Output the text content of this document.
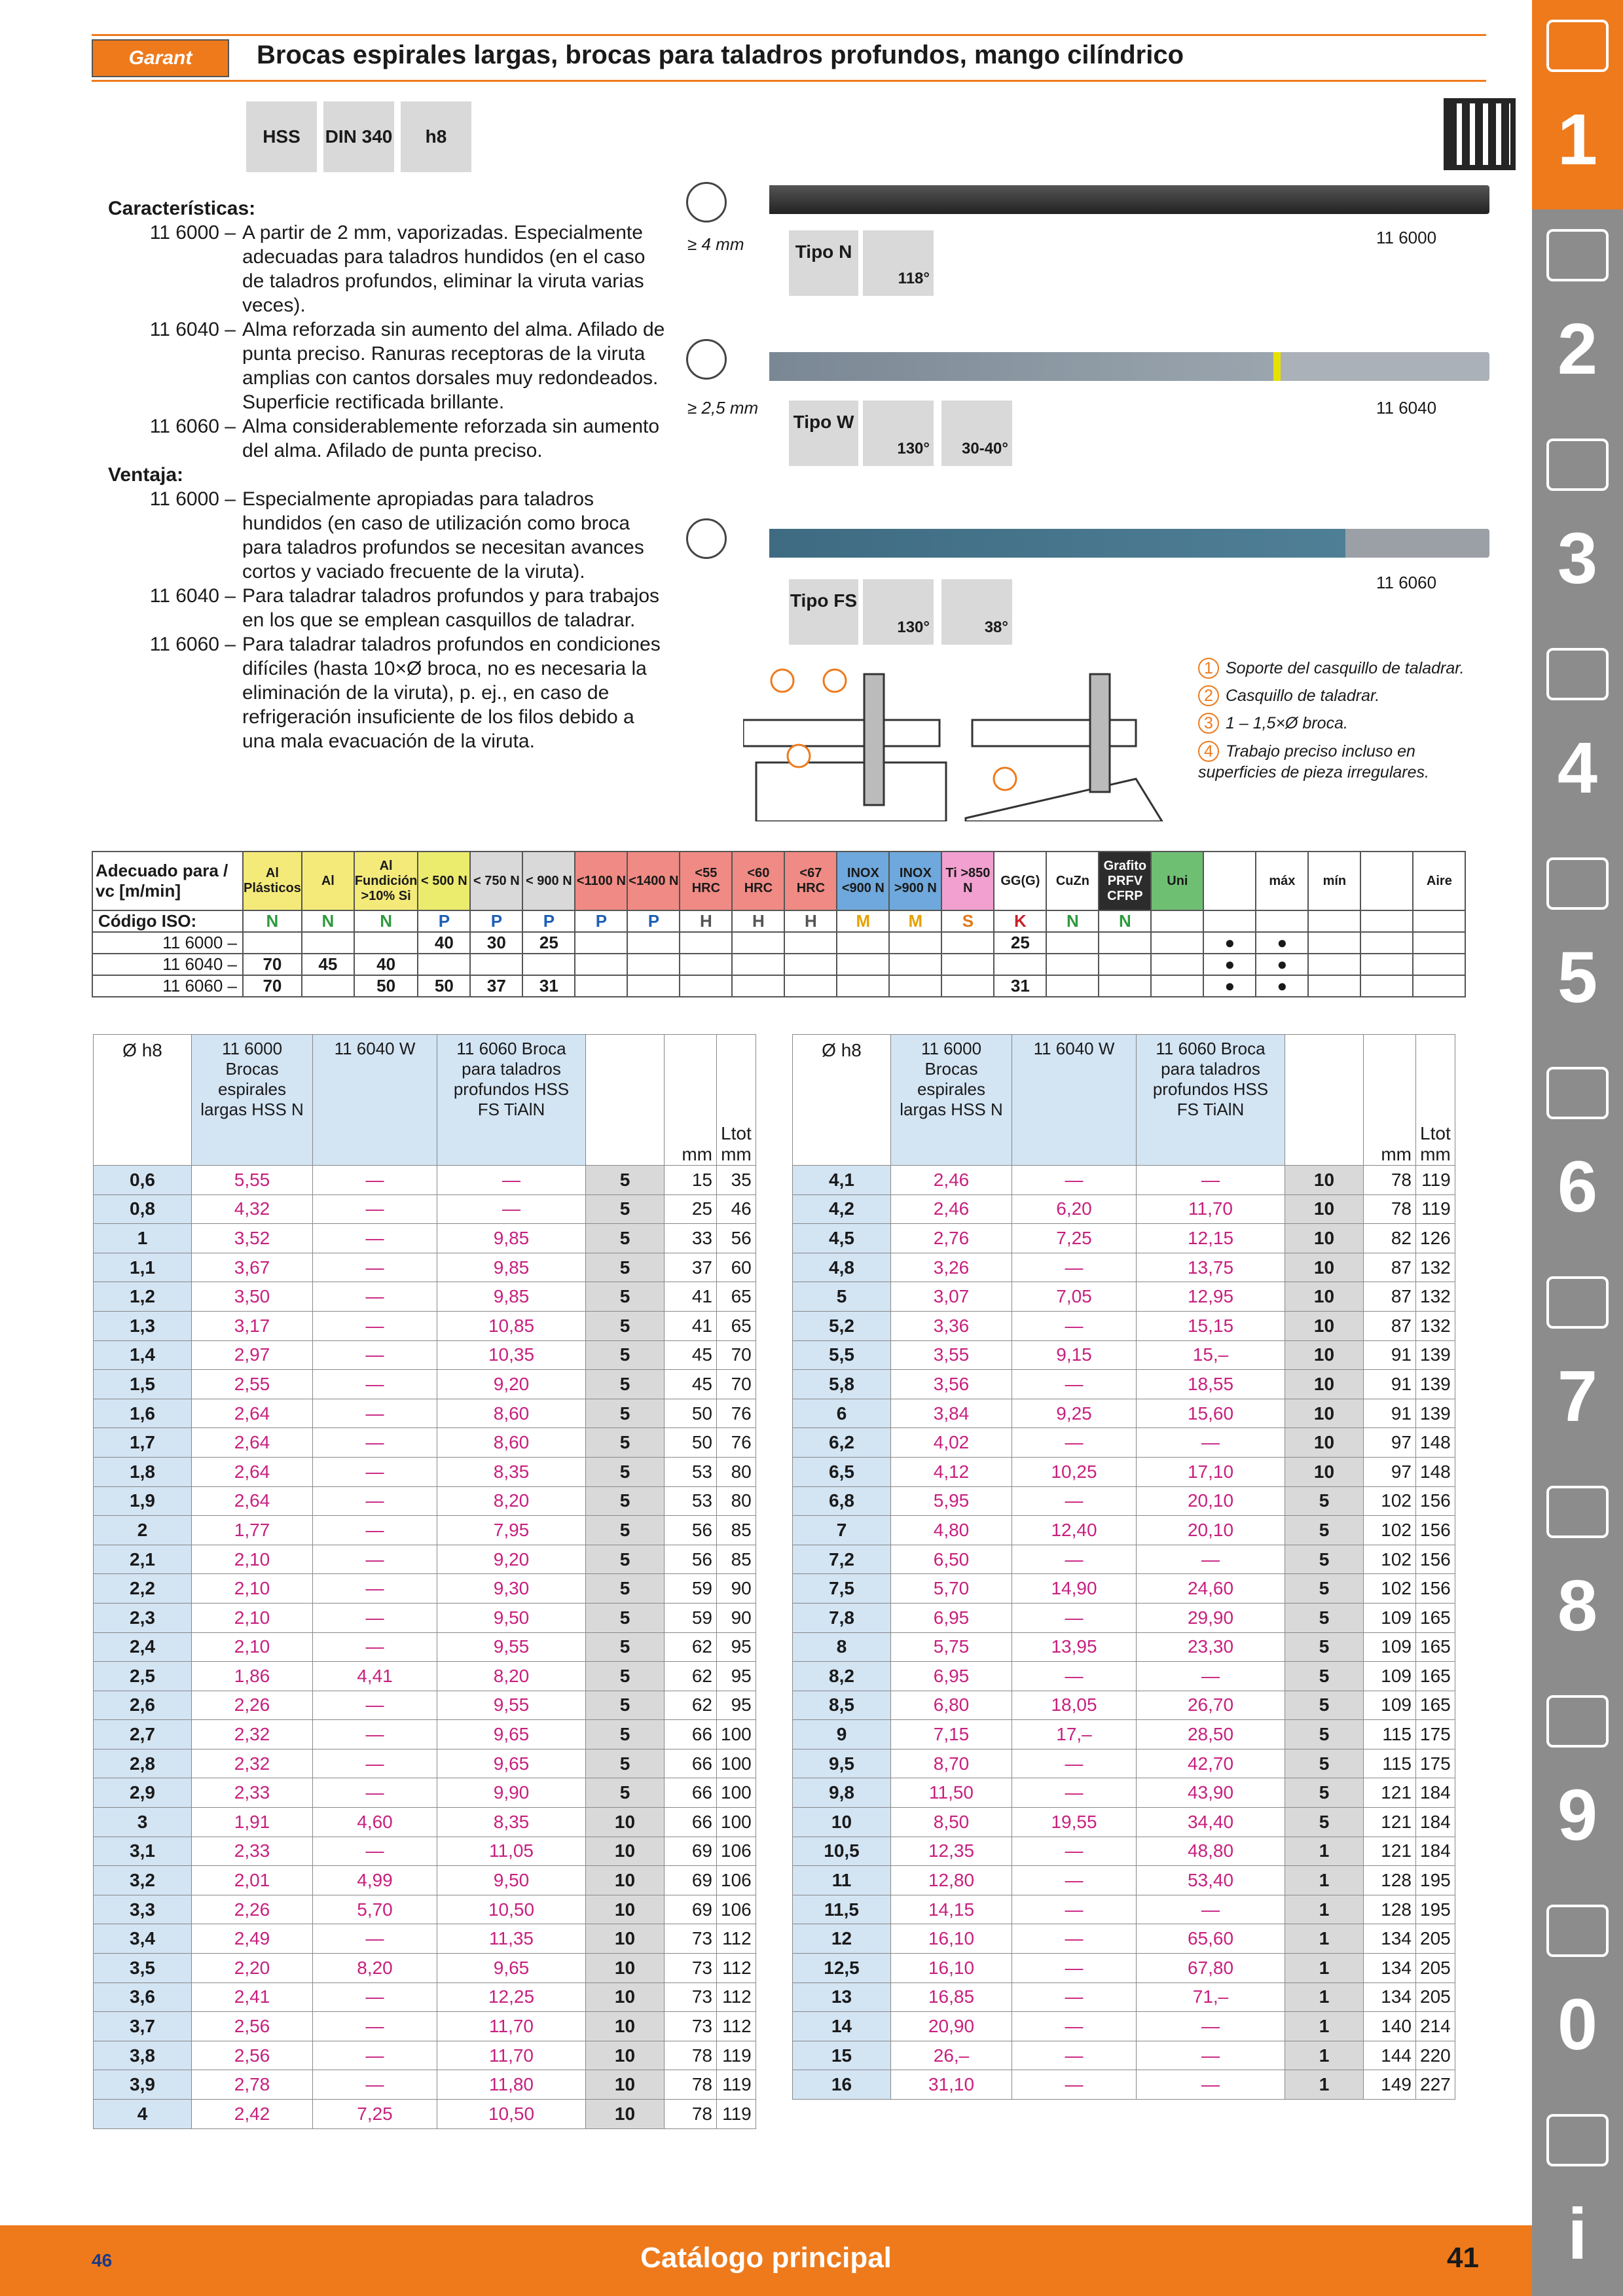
Garant Brocas espirales largas, brocas para taladros profundos, mango cilíndrico
HSS	DIN 340	h8
Características:
11 6000 – A partir de 2 mm, vaporizadas. Especialmente adecuadas para taladros hundidos (en el caso de taladros profundos, eliminar la viruta varias veces).
11 6040 – Alma reforzada sin aumento del alma. Afilado de punta preciso. Ranuras receptoras de la viruta amplias con cantos dorsales muy redondeados. Superficie rectificada brillante.
11 6060 – Alma considerablemente reforzada sin aumento del alma. Afilado de punta preciso.
Ventaja:
11 6000 – Especialmente apropiadas para taladros hundidos (en caso de utilización como broca para taladros profundos se necesitan avances cortos y vaciado frecuente de la viruta).
11 6040 – Para taladrar taladros profundos y para trabajos en los que se emplean casquillos de taladrar.
11 6060 – Para taladrar taladros profundos en condiciones difíciles (hasta 10×Ø broca, no es necesaria la eliminación de la viruta), p. ej., en caso de refrigeración insuficiente de los filos debido a una mala evacuación de la viruta.
≥ 4 mm	Tipo N
118°
11 6000
≥ 2,5 mm
Tipo W
130°	30-40°
11 6040
Tipo FS
130°	38°
11 6060
1 Soporte del casquillo de taladrar.
2 Casquillo de taladrar.
3 1 – 1,5×Ø broca.
4 Trabajo preciso incluso en superficies de pieza irregulares.
Adecuado para / vc [m/min]	Al Plásticos	Al	Al Fundición >10% Si	< 500 N	< 750 N	< 900 N	<1100 N	<1400 N	<55 HRC	<60 HRC	<67 HRC	INOX <900 N	INOX >900 N	Ti >850 N	GG(G)	CuZn	Grafito PRFV CFRP	Uni		máx	mín		Aire
Código ISO:	N	N	N	P	P	P	P	P	H	H	H	M	M	S	K	N	N						
11 6000 –				40	30	25									25				●	●			
11 6040 –	70	45	40																●	●			
11 6060 –	70		50	50	37	31									31				●	●			
Ø h8	11 6000 Brocas espirales largas HSS N	11 6040 W	11 6060 Broca para taladros profundos HSS FS TiAlN		mm	Ltot mm
0,6	5,55	—	—	5	15	35
0,8	4,32	—	—	5	25	46
1	3,52	—	9,85	5	33	56
1,1	3,67	—	9,85	5	37	60
1,2	3,50	—	9,85	5	41	65
1,3	3,17	—	10,85	5	41	65
1,4	2,97	—	10,35	5	45	70
1,5	2,55	—	9,20	5	45	70
1,6	2,64	—	8,60	5	50	76
1,7	2,64	—	8,60	5	50	76
1,8	2,64	—	8,35	5	53	80
1,9	2,64	—	8,20	5	53	80
2	1,77	—	7,95	5	56	85
2,1	2,10	—	9,20	5	56	85
2,2	2,10	—	9,30	5	59	90
2,3	2,10	—	9,50	5	59	90
2,4	2,10	—	9,55	5	62	95
2,5	1,86	4,41	8,20	5	62	95
2,6	2,26	—	9,55	5	62	95
2,7	2,32	—	9,65	5	66	100
2,8	2,32	—	9,65	5	66	100
2,9	2,33	—	9,90	5	66	100
3	1,91	4,60	8,35	10	66	100
3,1	2,33	—	11,05	10	69	106
3,2	2,01	4,99	9,50	10	69	106
3,3	2,26	5,70	10,50	10	69	106
3,4	2,49	—	11,35	10	73	112
3,5	2,20	8,20	9,65	10	73	112
3,6	2,41	—	12,25	10	73	112
3,7	2,56	—	11,70	10	73	112
3,8	2,56	—	11,70	10	78	119
3,9	2,78	—	11,80	10	78	119
4	2,42	7,25	10,50	10	78	119
Ø h8	11 6000 Brocas espirales largas HSS N	11 6040 W	11 6060 Broca para taladros profundos HSS FS TiAlN		mm	Ltot mm
4,1	2,46	—	—	10	78	119
4,2	2,46	6,20	11,70	10	78	119
4,5	2,76	7,25	12,15	10	82	126
4,8	3,26	—	13,75	10	87	132
5	3,07	7,05	12,95	10	87	132
5,2	3,36	—	15,15	10	87	132
5,5	3,55	9,15	15,–	10	91	139
5,8	3,56	—	18,55	10	91	139
6	3,84	9,25	15,60	10	91	139
6,2	4,02	—	—	10	97	148
6,5	4,12	10,25	17,10	10	97	148
6,8	5,95	—	20,10	5	102	156
7	4,80	12,40	20,10	5	102	156
7,2	6,50	—	—	5	102	156
7,5	5,70	14,90	24,60	5	102	156
7,8	6,95	—	29,90	5	109	165
8	5,75	13,95	23,30	5	109	165
8,2	6,95	—	—	5	109	165
8,5	6,80	18,05	26,70	5	109	165
9	7,15	17,–	28,50	5	115	175
9,5	8,70	—	42,70	5	115	175
9,8	11,50	—	43,90	5	121	184
10	8,50	19,55	34,40	5	121	184
10,5	12,35	—	48,80	1	121	184
11	12,80	—	53,40	1	128	195
11,5	14,15	—	—	1	128	195
12	16,10	—	65,60	1	134	205
12,5	16,10	—	67,80	1	134	205
13	16,85	—	71,–	1	134	205
14	20,90	—	—	1	140	214
15	26,–	—	—	1	144	220
16	31,10	—	—	1	149	227
1
2
3
4
5
6
7
8
9
0
i
46	Catálogo principal	41
